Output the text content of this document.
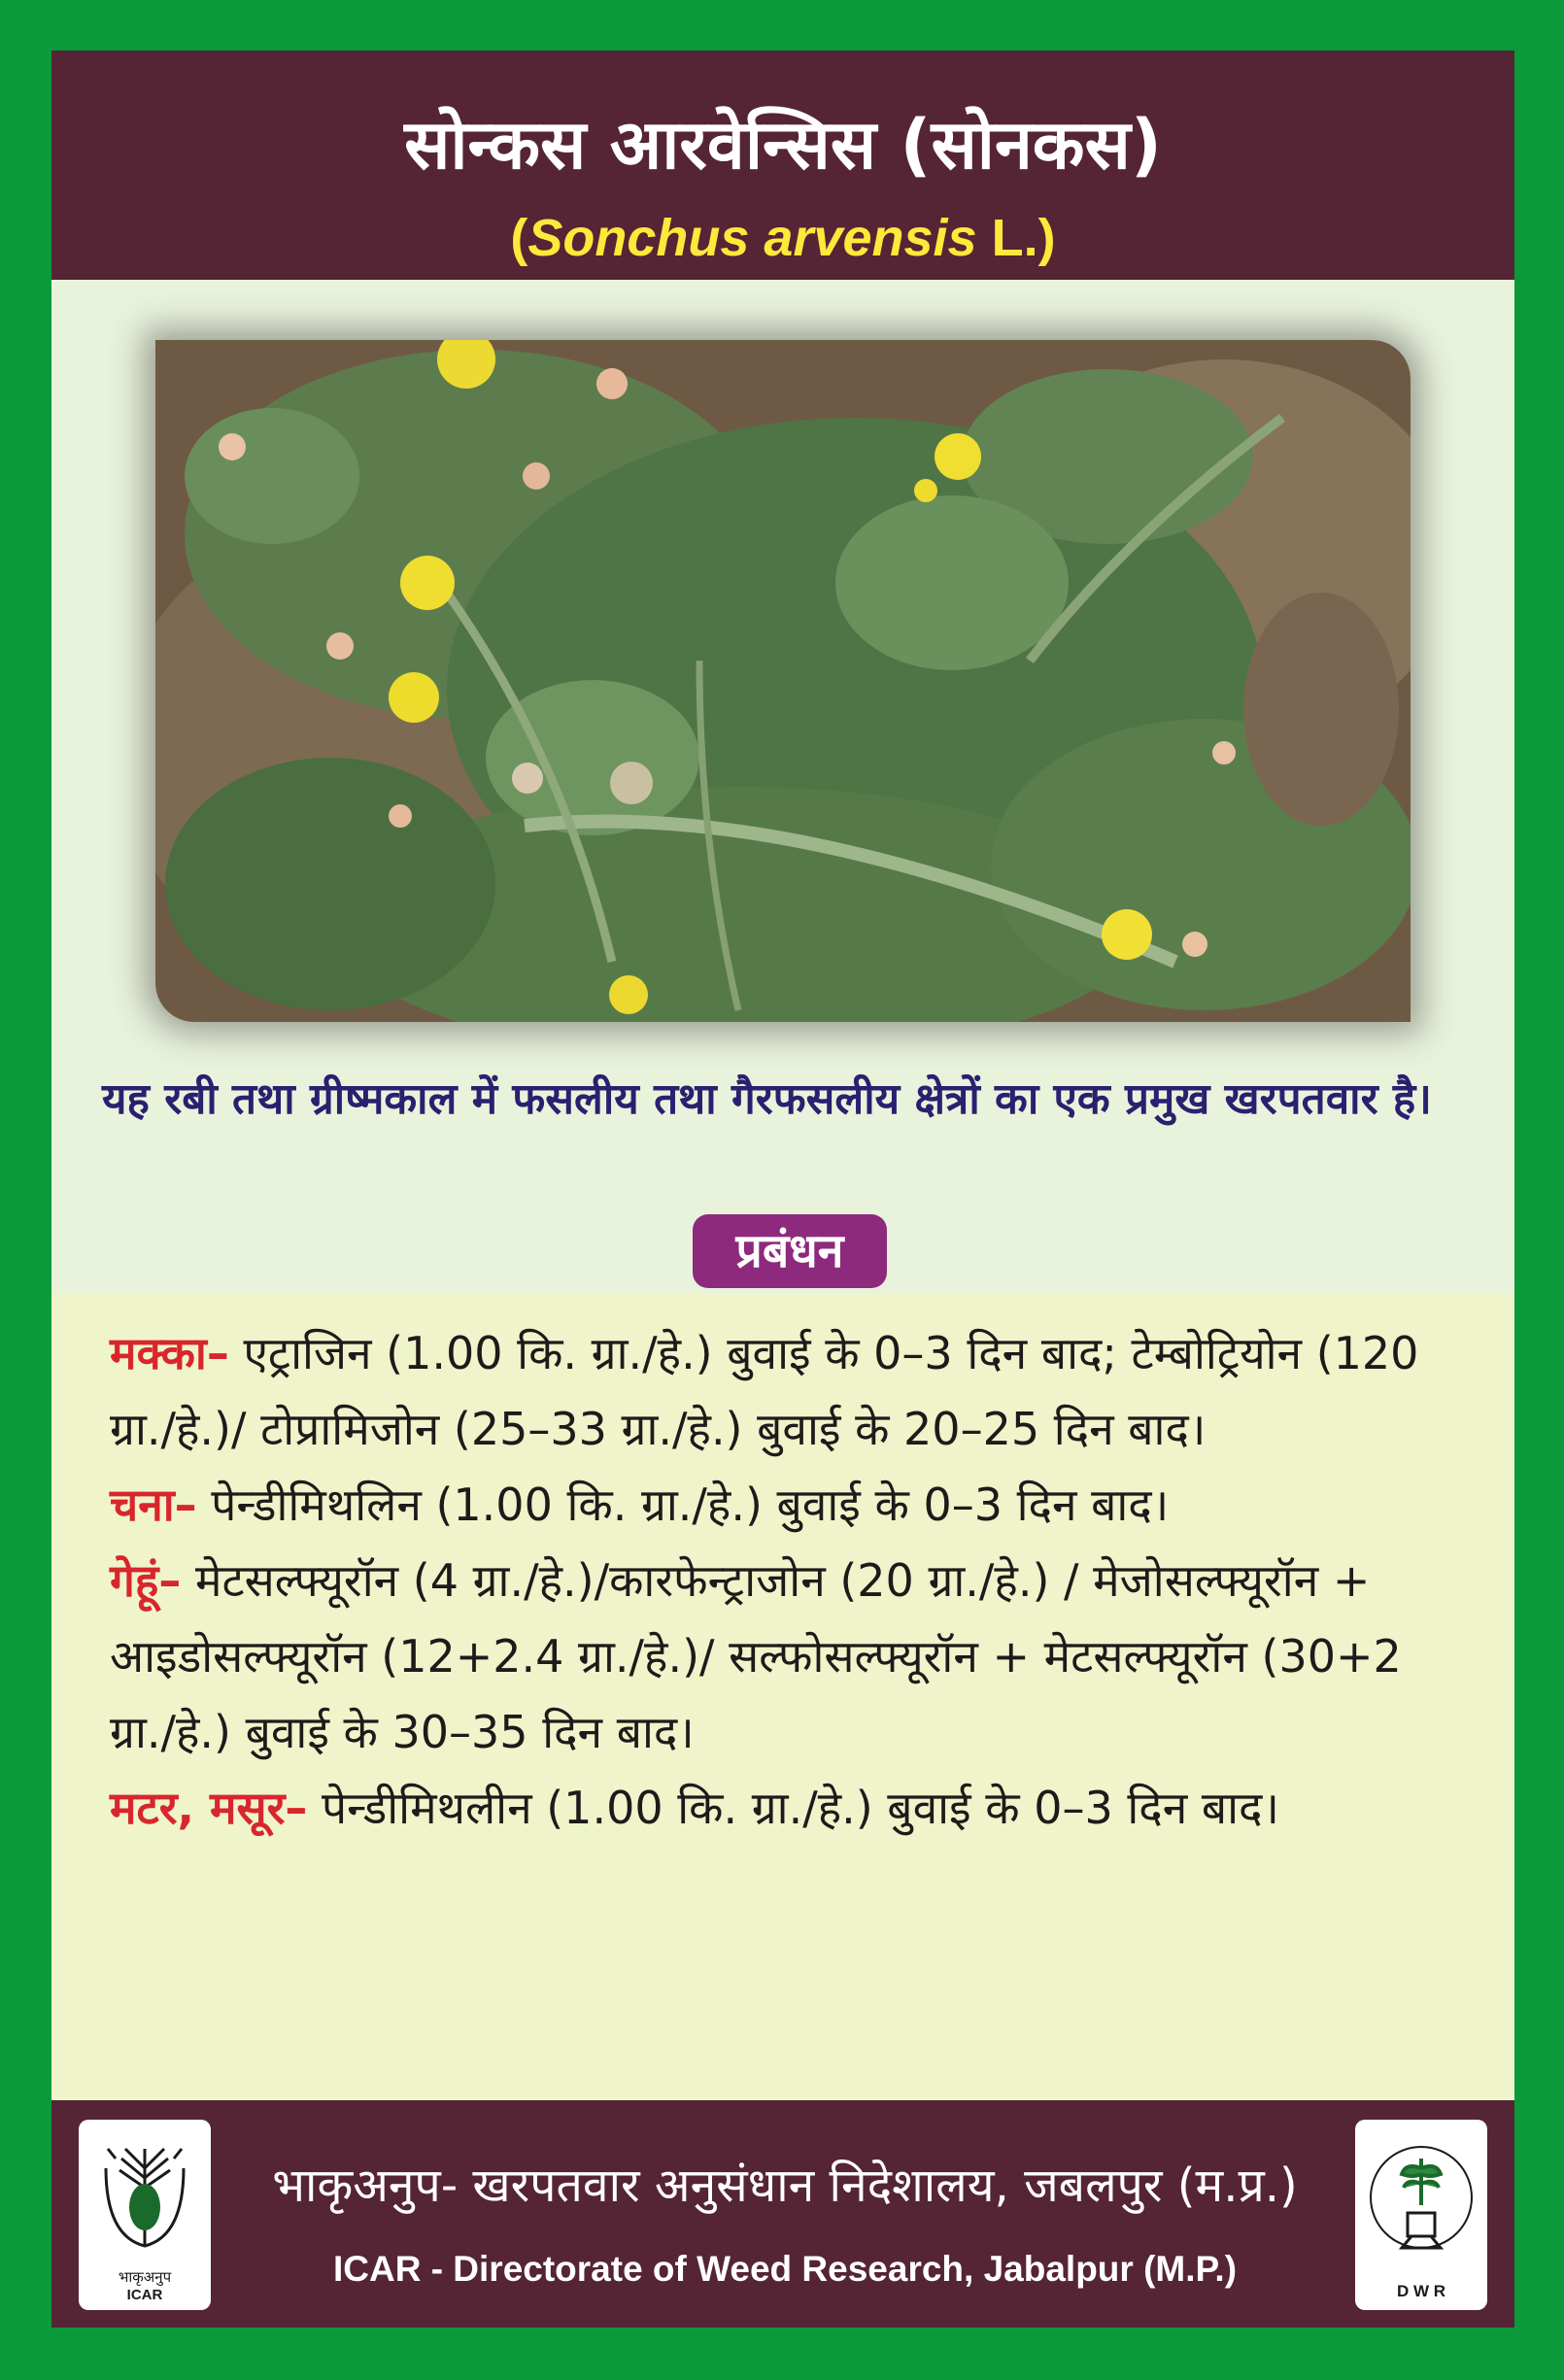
सोन्कस आरवेन्सिस (सोनकस)
(Sonchus arvensis L.)
यह रबी तथा ग्रीष्मकाल में फसलीय तथा गैरफसलीय क्षेत्रों का एक प्रमुख खरपतवार है।
मक्का– एट्राजिन (1.00 कि. ग्रा./हे.) बुवाई के 0–3 दिन बाद; टेम्बोट्रियोन (120 ग्रा./हे.)/ टोप्रामिजोन (25–33 ग्रा./हे.) बुवाई के 20–25 दिन बाद।
चना– पेन्डीमिथलिन (1.00 कि. ग्रा./हे.) बुवाई के 0–3 दिन बाद।
गेहूं– मेटसल्फ्यूरॉन (4 ग्रा./हे.)/कारफेन्ट्राजोन (20 ग्रा./हे.) / मेजोसल्फ्यूरॉन + आइडोसल्फ्यूरॉन (12+2.4 ग्रा./हे.)/ सल्फोसल्फ्यूरॉन + मेटसल्फ्यूरॉन (30+2 ग्रा./हे.) बुवाई के 30–35 दिन बाद।
मटर, मसूर– पेन्डीमिथलीन (1.00 कि. ग्रा./हे.) बुवाई के 0–3 दिन बाद।
प्रबंधन
भाकृअनुप
ICAR
भाकृअनुप- खरपतवार अनुसंधान निदेशालय, जबलपुर (म.प्र.)
ICAR - Directorate of Weed Research, Jabalpur (M.P.)
D W R
